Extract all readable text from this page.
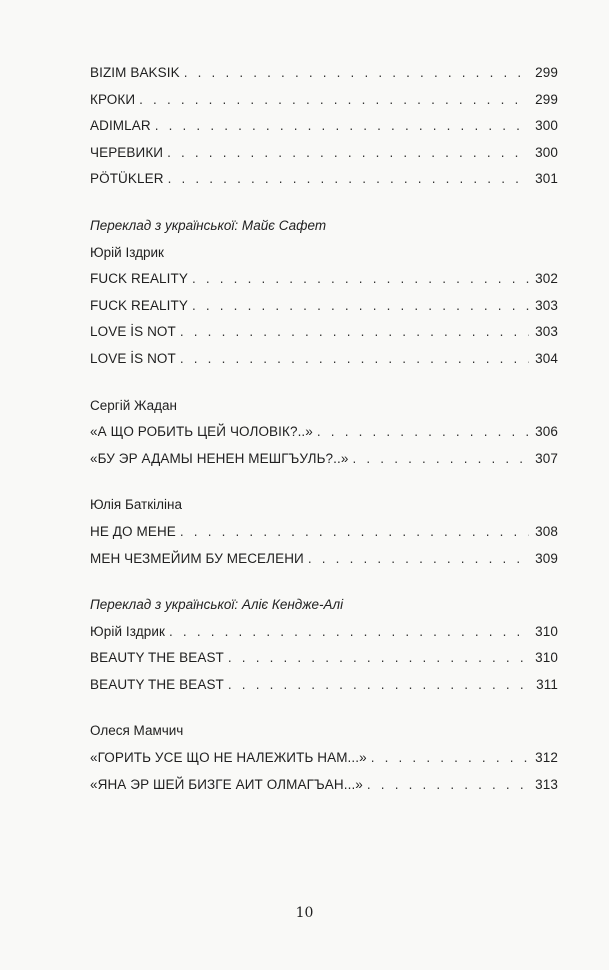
BIZIM BAKSIK . . .	299
КРОКИ . . .	299
ADIMLAR . . .	300
ЧЕРЕВИКИ . . .	300
PÖTÜKLER . . .	301
Переклад з української: Майє Сафет
Юрій Іздрик
FUCK REALITY . . .	302
FUCK REALITY . . .	303
LOVE İS NOT . . .	303
LOVE İS NOT . . .	304
Сергій Жадан
«А ЩО РОБИТЬ ЦЕЙ ЧОЛОВІК?..» . . .	306
«БУ ЭР АДАМЫ НЕНЕН МЕШГЪУЛЬ?..» . . .	307
Юлія Баткіліна
НЕ ДО МЕНЕ . . .	308
МЕН ЧЕЗМЕЙИМ БУ МЕСЕЛЕНИ . . .	309
Переклад з української: Аліє Кендже-Алі
Юрій Іздрик . . .	310
BEAUTY THE BEAST . . .	310
BEAUTY THE BEAST . . .	311
Олеся Мамчич
«ГОРИТЬ УСЕ ЩО НЕ НАЛЕЖИТЬ НАМ...» . . .	312
«ЯНА ЭР ШЕЙ БИЗГЕ АИТ ОЛМАГЪАН...» . . .	313
10
